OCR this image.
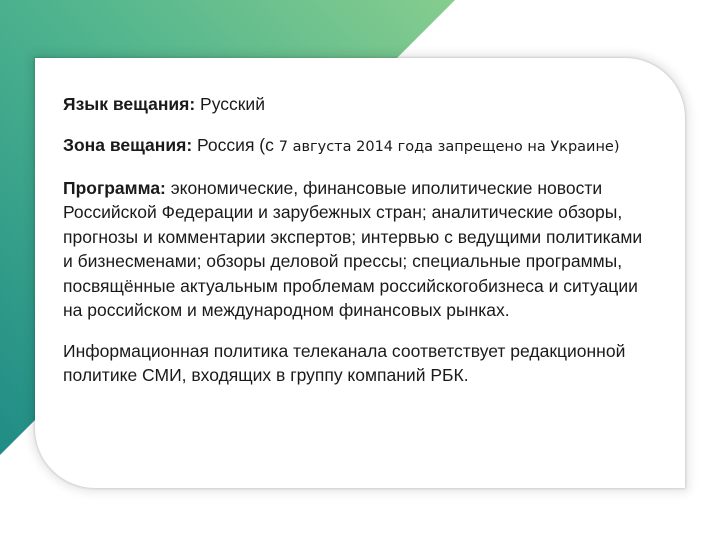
Язык вещания: Русский

Зона вещания: Россия (с 7 августа 2014 года запрещено на Украине)

Программа: экономические, финансовые иполитические новости Российской Федерации и зарубежных стран; аналитические обзоры, прогнозы и комментарии экспертов; интервью с ведущими политиками и бизнесменами; обзоры деловой прессы; специальные программы, посвящённые актуальным проблемам российскогобизнеса и ситуации на российском и международном финансовых рынках.

Информационная политика телеканала соответствует редакционной политике СМИ, входящих в группу компаний РБК.
